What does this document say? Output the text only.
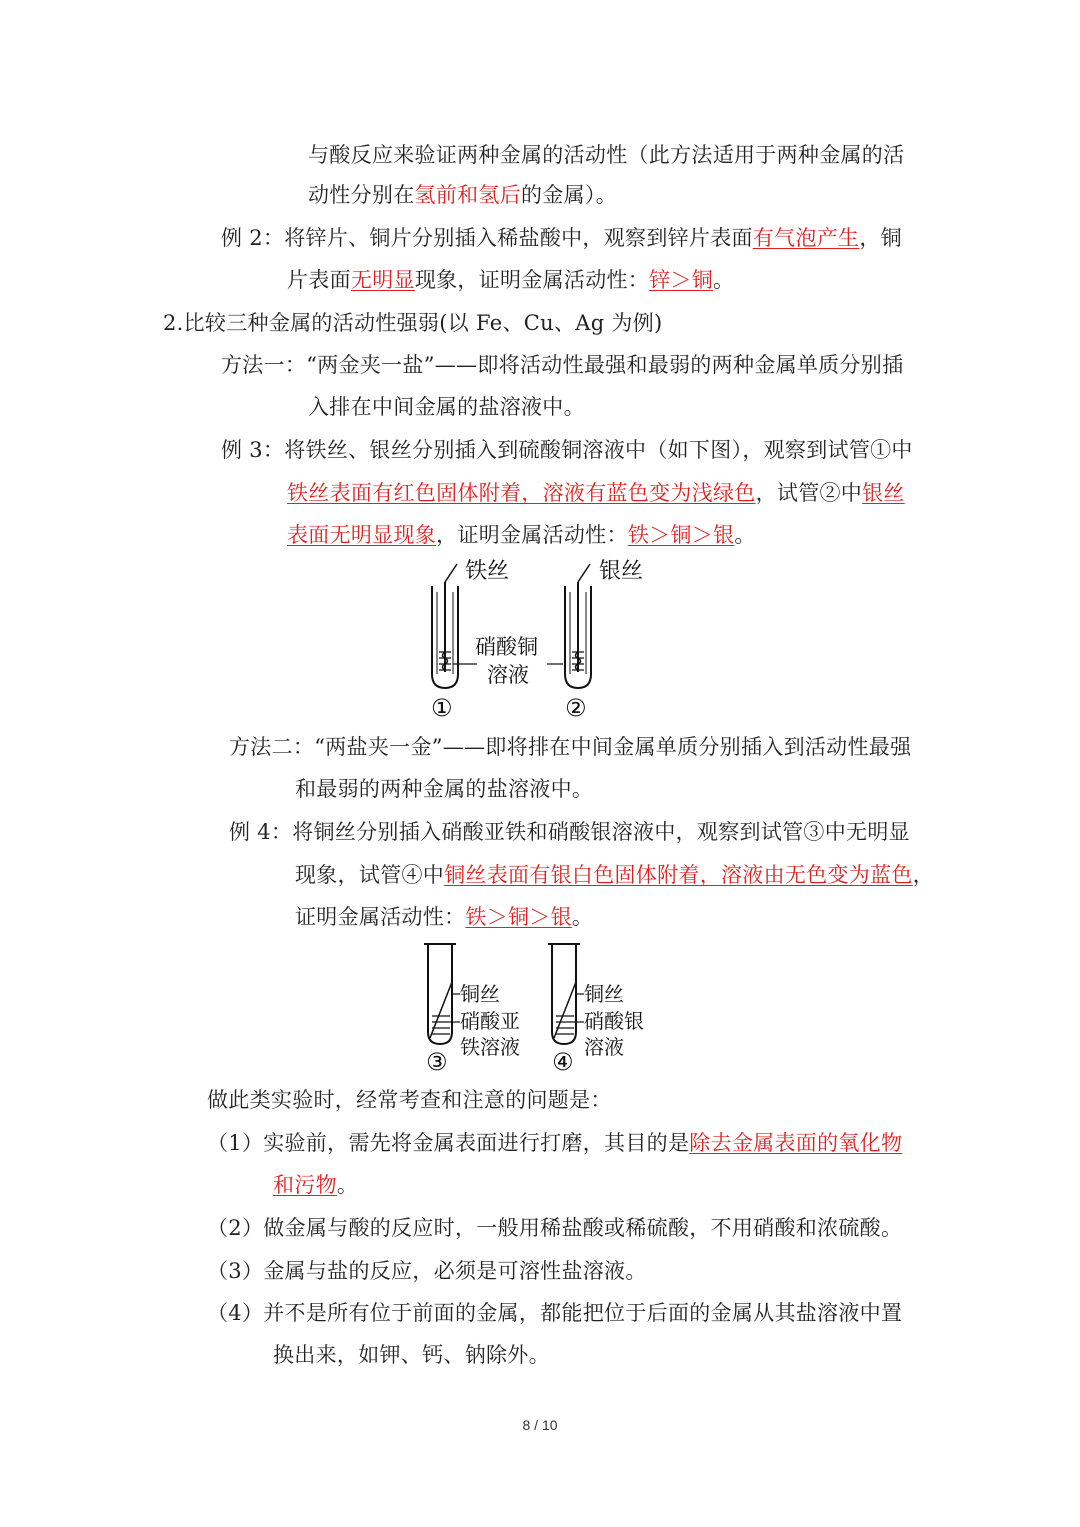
与酸反应来验证两种金属的活动性（此方法适用于两种金属的活
动性分别在氢前和氢后的金属）。
例 2：将锌片、铜片分别插入稀盐酸中，观察到锌片表面有气泡产生，铜
片表面无明显现象，证明金属活动性：锌＞铜。
2.比较三种金属的活动性强弱(以 Fe、Cu、Ag 为例)
方法一：“两金夹一盐”——即将活动性最强和最弱的两种金属单质分别插
入排在中间金属的盐溶液中。
例 3：将铁丝、银丝分别插入到硫酸铜溶液中（如下图），观察到试管①中
铁丝表面有红色固体附着，溶液有蓝色变为浅绿色，试管②中银丝
表面无明显现象，证明金属活动性：铁＞铜＞银。
铁丝	银丝
硝酸铜
溶液
①	②
方法二：“两盐夹一金”——即将排在中间金属单质分别插入到活动性最强
和最弱的两种金属的盐溶液中。
例 4：将铜丝分别插入硝酸亚铁和硝酸银溶液中，观察到试管③中无明显
现象，试管④中铜丝表面有银白色固体附着，溶液由无色变为蓝色，
证明金属活动性：铁＞铜＞银。
铜丝
硝酸亚
铁溶液
③
铜丝
硝酸银
溶液
④
做此类实验时，经常考查和注意的问题是：
（1）实验前，需先将金属表面进行打磨，其目的是除去金属表面的氧化物
和污物。
（2）做金属与酸的反应时，一般用稀盐酸或稀硫酸，不用硝酸和浓硫酸。
（3）金属与盐的反应，必须是可溶性盐溶液。
（4）并不是所有位于前面的金属，都能把位于后面的金属从其盐溶液中置
换出来，如钾、钙、钠除外。
8 / 10
